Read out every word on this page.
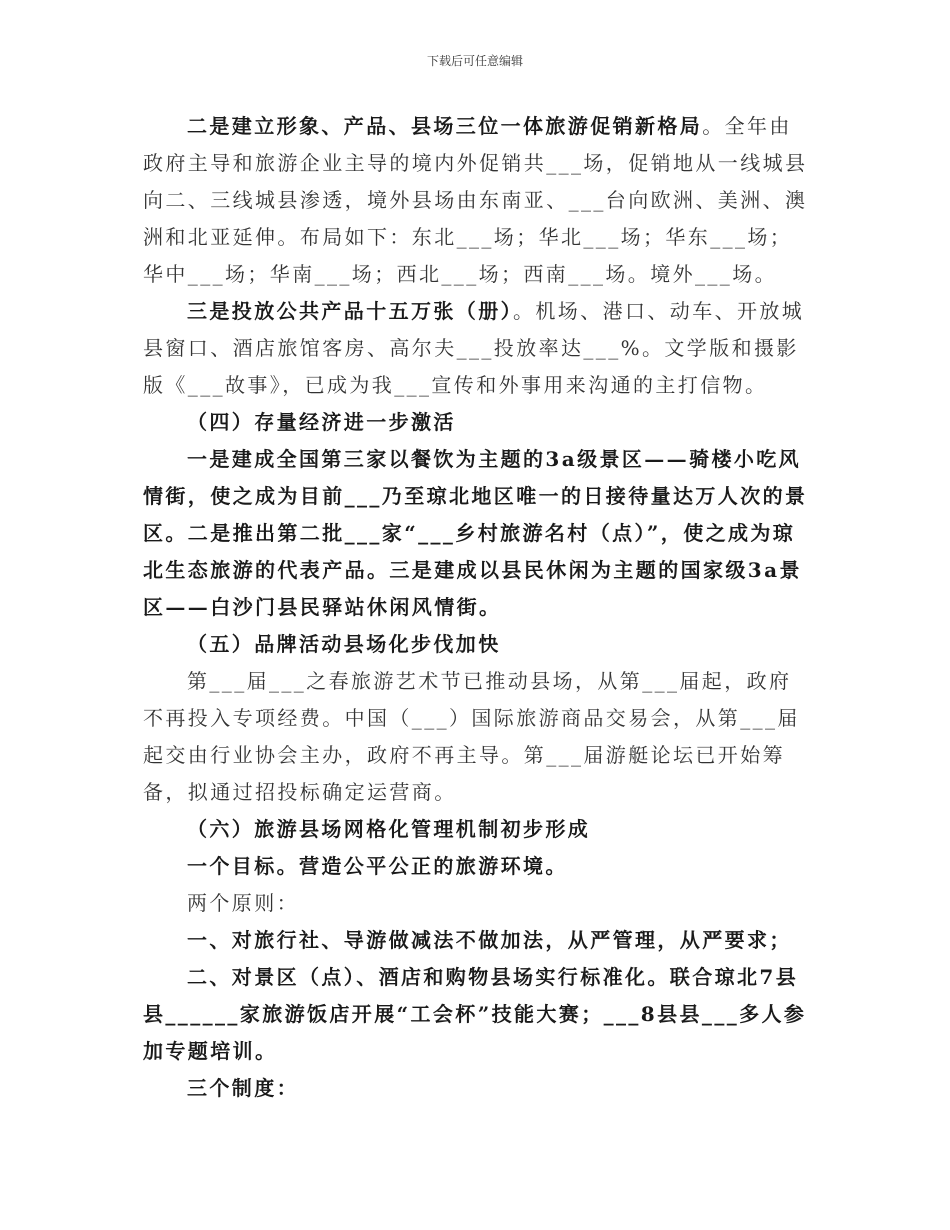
下载后可任意编辑

二是建立形象、产品、县场三位一体旅游促销新格局。全年由政府主导和旅游企业主导的境内外促销共___场，促销地从一线城县向二、三线城县渗透，境外县场由东南亚、___台向欧洲、美洲、澳洲和北亚延伸。布局如下：东北___场；华北___场；华东___场；华中___场；华南___场；西北___场；西南___场。境外___场。

三是投放公共产品十五万张（册）。机场、港口、动车、开放城县窗口、酒店旅馆客房、高尔夫___投放率达___%。文学版和摄影版《___故事》，已成为我___宣传和外事用来沟通的主打信物。

（四）存量经济进一步激活

一是建成全国第三家以餐饮为主题的3a级景区——骑楼小吃风情街，使之成为目前___乃至琼北地区唯一的日接待量达万人次的景区。二是推出第二批___家“___乡村旅游名村（点）”，使之成为琼北生态旅游的代表产品。三是建成以县民休闲为主题的国家级3a景区——白沙门县民驿站休闲风情街。

（五）品牌活动县场化步伐加快

第___届___之春旅游艺术节已推动县场，从第___届起，政府不再投入专项经费。中国（___）国际旅游商品交易会，从第___届起交由行业协会主办，政府不再主导。第___届游艇论坛已开始筹备，拟通过招投标确定运营商。

（六）旅游县场网格化管理机制初步形成

一个目标。营造公平公正的旅游环境。

两个原则：

一、对旅行社、导游做减法不做加法，从严管理，从严要求；

二、对景区（点）、酒店和购物县场实行标准化。联合琼北7县县______家旅游饭店开展“工会杯”技能大赛；___8县县___多人参加专题培训。

三个制度：
